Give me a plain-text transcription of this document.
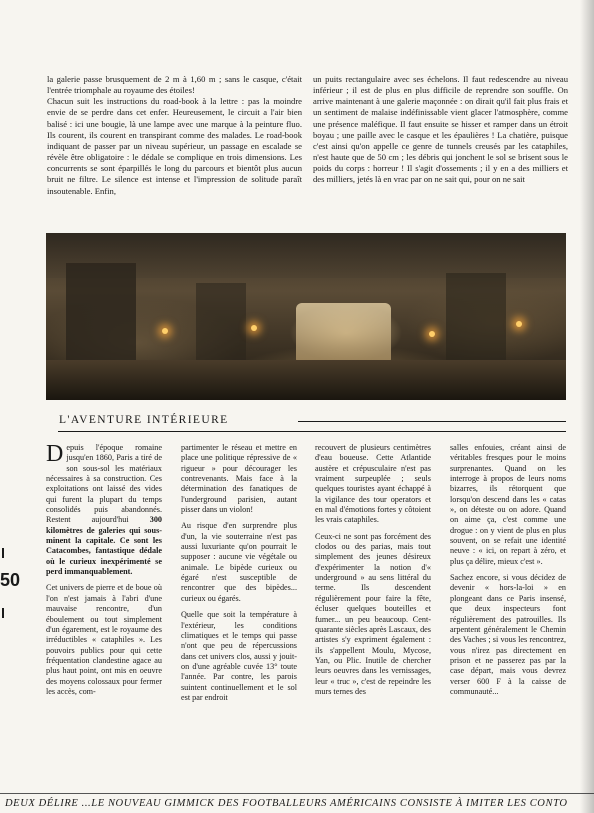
la galerie passe brusquement de 2 m à 1,60 m ; sans le casque, c'était l'entrée triomphale au royaume des étoiles!

Chacun suit les instructions du road-book à la lettre : pas la moindre envie de se perdre dans cet enfer. Heureusement, le circuit a l'air bien balisé : ici une bougie, là une lampe avec une marque à la peinture fluo. Ils courent, ils courent en transpirant comme des malades. Le road-book indiquant de passer par un niveau supérieur, un passage en escalade se révèle être obligatoire : le dédale se complique en trois dimensions. Les concurrents se sont éparpillés le long du parcours et bientôt plus aucun bruit ne filtre. Le silence est intense et l'impression de solitude paraît insoutenable. Enfin,

un puits rectangulaire avec ses échelons. Il faut redescendre au niveau inférieur ; il est de plus en plus difficile de reprendre son souffle. On arrive maintenant à une galerie maçonnée : on dirait qu'il fait plus frais et un sentiment de malaise indéfinissable vient glacer l'atmosphère, comme une présence maléfique. Il faut ensuite se hisser et ramper dans un étroit boyau ; une paille avec le casque et les épaulières ! La chatière, puisque c'est ainsi qu'on appelle ce genre de tunnels creusés par les cataphiles, n'est haute que de 50 cm ; les débris qui jonchent le sol se brisent sous le poids du corps : horreur ! Il s'agit d'ossements ; il y en a des milliers et des milliers, jetés là en vrac par on ne sait qui, pour on ne sait

L'AVENTURE INTÉRIEURE
50

Depuis l'époque romaine jusqu'en 1860, Paris a tiré de son sous-sol les matériaux nécessaires à sa construction. Ces exploitations ont laissé des vides qui furent la plupart du temps consolidés puis abandonnés. Restent aujourd'hui 300 kilomètres de galeries qui sous-minent la capitale. Ce sont les Catacombes, fantastique dédale où le curieux inexpérimenté se perd immanquablement.

Cet univers de pierre et de boue où l'on n'est jamais à l'abri d'une mauvaise rencontre, d'un éboulement ou tout simplement d'un égarement, est le royaume des irréductibles « cataphiles ». Les pouvoirs publics pour qui cette fréquentation clandestine agace au plus haut point, ont mis en oeuvre des moyens colossaux pour fermer les accès, com-

partimenter le réseau et mettre en place une politique répressive de « rigueur » pour décourager les contrevenants. Mais face à la détermination des fanatiques de l'underground parisien, autant pisser dans un violon!

Au risque d'en surprendre plus d'un, la vie souterraine n'est pas aussi luxuriante qu'on pourrait le supposer : aucune vie végétale ou animale. Le bipède curieux ou égaré n'est susceptible de rencontrer que des bipèdes... curieux ou égarés.

Quelle que soit la température à l'extérieur, les conditions climatiques et le temps qui passe n'ont que peu de répercussions dans cet univers clos, aussi y jouit-on d'une agréable cuvée 13° toute l'année. Par contre, les parois suintent continuellement et le sol est par endroit

recouvert de plusieurs centimètres d'eau boueuse. Cette Atlantide austère et crépusculaire n'est pas vraiment surpeuplée ; seuls quelques touristes ayant échappé à la vigilance des tour operators et en mal d'émotions fortes y côtoient les vrais cataphiles.

Ceux-ci ne sont pas forcément des clodos ou des parias, mais tout simplement des jeunes désireux d'expérimenter la notion d'« underground » au sens littéral du terme. Ils descendent régulièrement pour faire la fête, écluser quelques bouteilles et fumer... un peu beaucoup. Cent-quarante siècles après Lascaux, des artistes s'y expriment également : ils s'appellent Moulu, Mycose, Yan, ou Plic. Inutile de chercher leurs oeuvres dans les vernissages, leur « truc », c'est de repeindre les murs ternes des

salles enfouies, créant ainsi de véritables fresques pour le moins surprenantes. Quand on les interroge à propos de leurs noms bizarres, ils rétorquent que lorsqu'on descend dans les « catas », on déteste ou on adore. Quand on aime ça, c'est comme une drogue : on y vient de plus en plus souvent, on se refait une identité neuve : « ici, on repart à zéro, et plus ça délire, mieux c'est ».

Sachez encore, si vous décidez de devenir « hors-la-loi » en plongeant dans ce Paris insensé, que deux inspecteurs font régulièrement des patrouilles. Ils arpentent généralement le Chemin des Vaches ; si vous les rencontrez, vous n'irez pas directement en prison et ne passerez pas par la case départ, mais vous devrez verser 600 F à la caisse de communauté...

DEUX DÉLIRE ...LE NOUVEAU GIMMICK DES FOOTBALLEURS AMÉRICAINS CONSISTE À IMITER LES CONTO
